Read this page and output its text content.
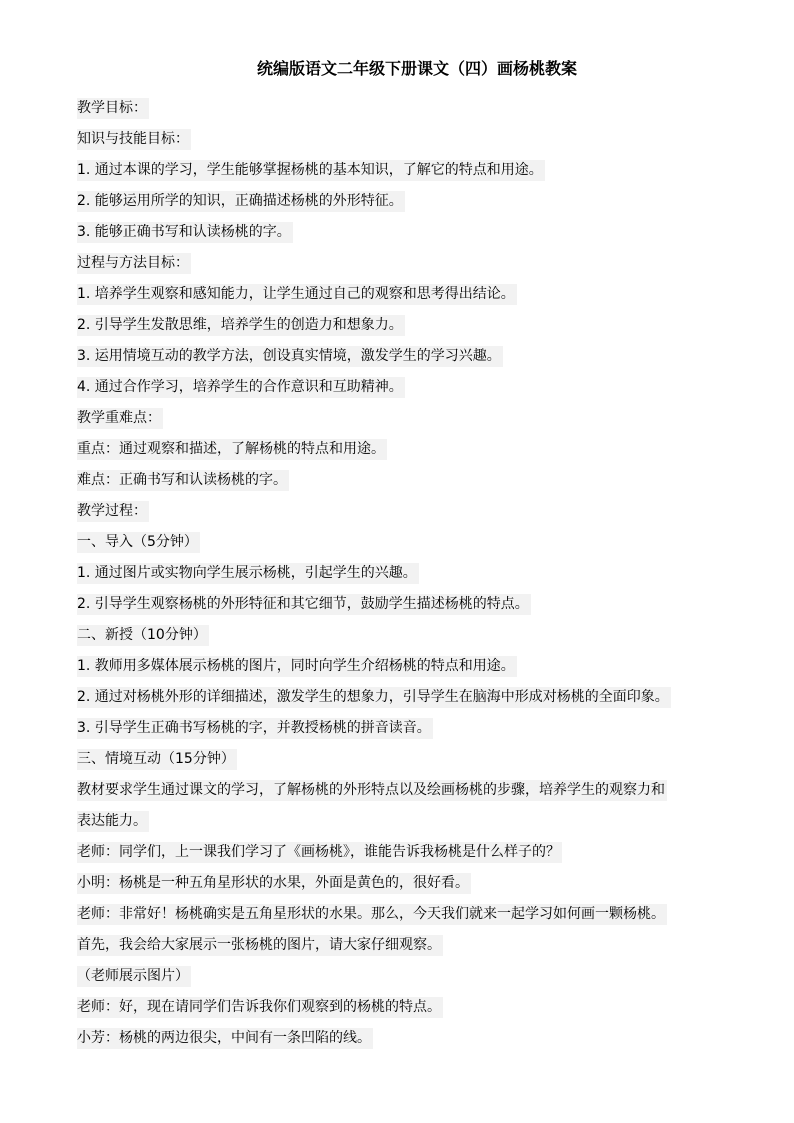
统编版语文二年级下册课文（四）画杨桃教案
教学目标：
知识与技能目标：
1. 通过本课的学习，学生能够掌握杨桃的基本知识，了解它的特点和用途。
2. 能够运用所学的知识，正确描述杨桃的外形特征。
3. 能够正确书写和认读杨桃的字。
过程与方法目标：
1. 培养学生观察和感知能力，让学生通过自己的观察和思考得出结论。
2. 引导学生发散思维，培养学生的创造力和想象力。
3. 运用情境互动的教学方法，创设真实情境，激发学生的学习兴趣。
4. 通过合作学习，培养学生的合作意识和互助精神。
教学重难点：
重点：通过观察和描述，了解杨桃的特点和用途。
难点：正确书写和认读杨桃的字。
教学过程：
一、导入（5分钟）
1. 通过图片或实物向学生展示杨桃，引起学生的兴趣。
2. 引导学生观察杨桃的外形特征和其它细节，鼓励学生描述杨桃的特点。
二、新授（10分钟）
1. 教师用多媒体展示杨桃的图片，同时向学生介绍杨桃的特点和用途。
2. 通过对杨桃外形的详细描述，激发学生的想象力，引导学生在脑海中形成对杨桃的全面印象。
3. 引导学生正确书写杨桃的字，并教授杨桃的拼音读音。
三、情境互动（15分钟）
教材要求学生通过课文的学习，了解杨桃的外形特点以及绘画杨桃的步骤，培养学生的观察力和
表达能力。
老师：同学们，上一课我们学习了《画杨桃》，谁能告诉我杨桃是什么样子的？
小明：杨桃是一种五角星形状的水果，外面是黄色的，很好看。
老师：非常好！杨桃确实是五角星形状的水果。那么，今天我们就来一起学习如何画一颗杨桃。
首先，我会给大家展示一张杨桃的图片，请大家仔细观察。
（老师展示图片）
老师：好，现在请同学们告诉我你们观察到的杨桃的特点。
小芳：杨桃的两边很尖，中间有一条凹陷的线。
